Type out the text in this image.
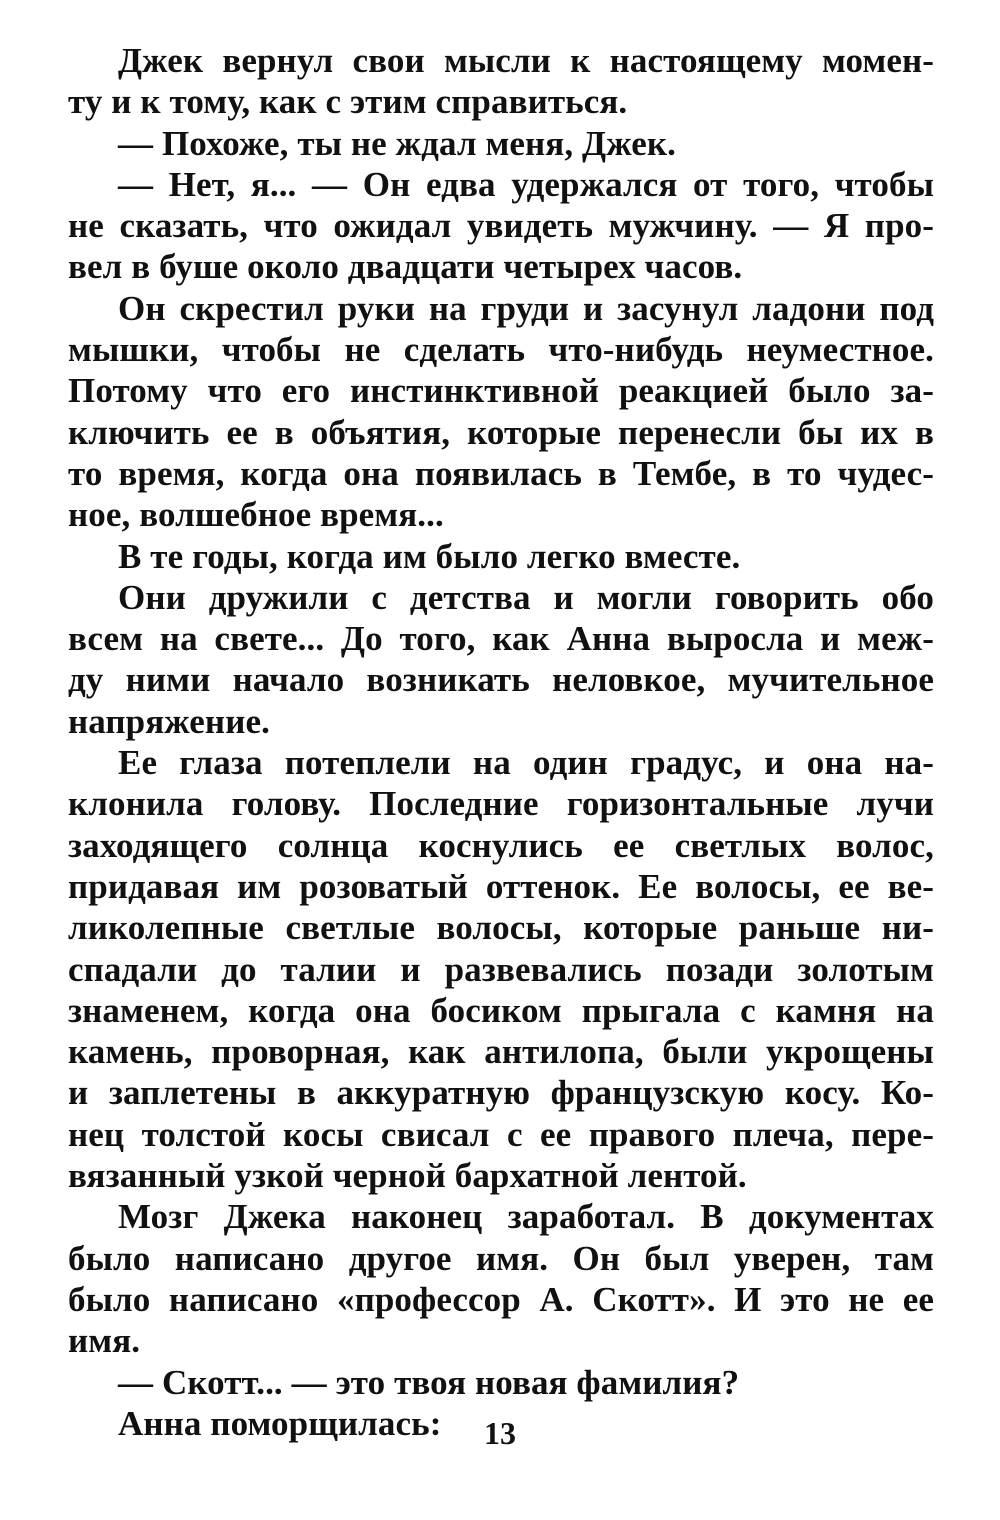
Джек вернул свои мысли к настоящему момен-
ту и к тому, как с этим справиться.
— Похоже, ты не ждал меня, Джек.
— Нет, я... — Он едва удержался от того, чтобы
не сказать, что ожидал увидеть мужчину. — Я про-
вел в буше около двадцати четырех часов.
Он скрестил руки на груди и засунул ладони под
мышки, чтобы не сделать что-нибудь неуместное.
Потому что его инстинктивной реакцией было за-
ключить ее в объятия, которые перенесли бы их в
то время, когда она появилась в Тембе, в то чудес-
ное, волшебное время...
В те годы, когда им было легко вместе.
Они дружили с детства и могли говорить обо
всем на свете... До того, как Анна выросла и меж-
ду ними начало возникать неловкое, мучительное
напряжение.
Ее глаза потеплели на один градус, и она на-
клонила голову. Последние горизонтальные лучи
заходящего солнца коснулись ее светлых волос,
придавая им розоватый оттенок. Ее волосы, ее ве-
ликолепные светлые волосы, которые раньше ни-
спадали до талии и развевались позади золотым
знаменем, когда она босиком прыгала с камня на
камень, проворная, как антилопа, были укрощены
и заплетены в аккуратную французскую косу. Ко-
нец толстой косы свисал с ее правого плеча, пере-
вязанный узкой черной бархатной лентой.
Мозг Джека наконец заработал. В документах
было написано другое имя. Он был уверен, там
было написано «профессор А. Скотт». И это не ее
имя.
— Скотт... — это твоя новая фамилия?
Анна поморщилась:	13
